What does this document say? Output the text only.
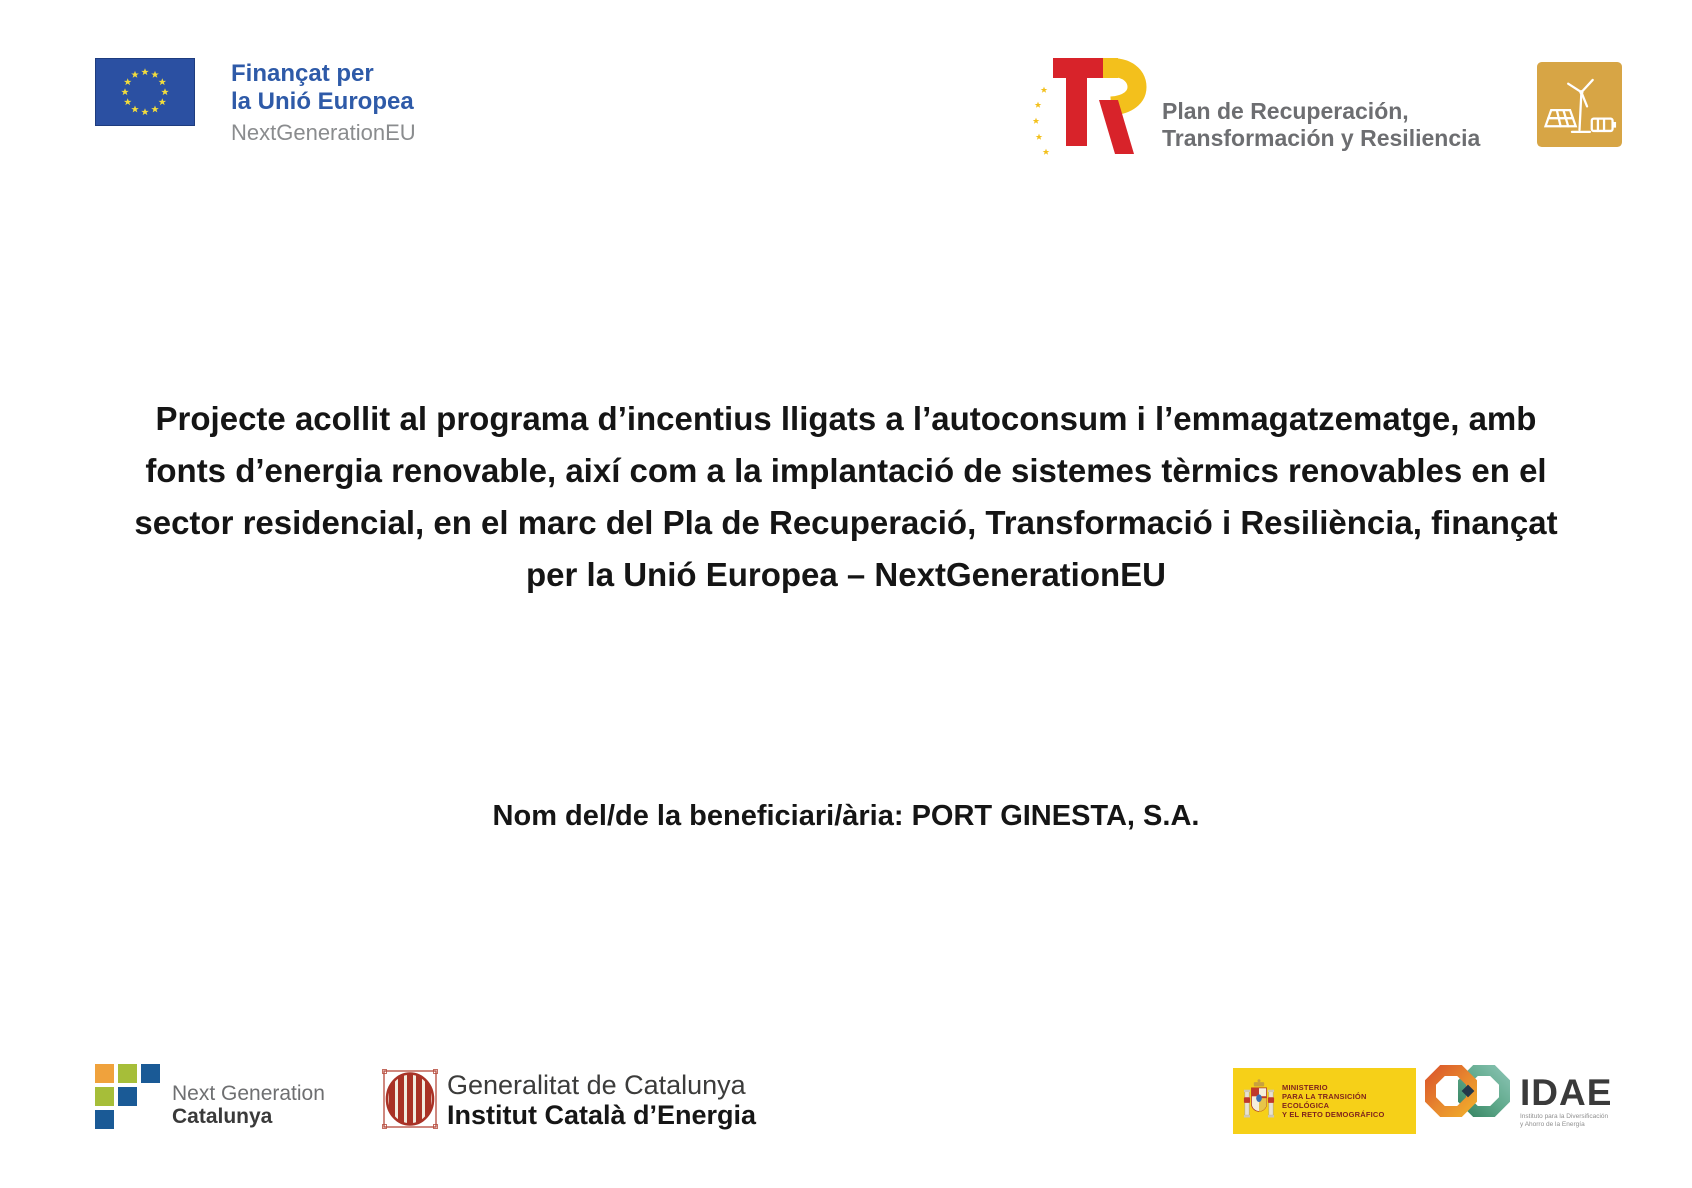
Finançat per
la Unió Europea
NextGenerationEU
Plan de Recuperación,
Transformación y Resiliencia
Projecte acollit al programa d’incentius lligats a l’autoconsum i l’emmagatzematge, amb
fonts d’energia renovable, així com a la implantació de sistemes tèrmics renovables en el
sector residencial, en el marc del Pla de Recuperació, Transformació i Resiliència, finançat
per la Unió Europea – NextGenerationEU
Nom del/de la beneficiari/ària: PORT GINESTA, S.A.
Next Generation
Catalunya
Generalitat de Catalunya
Institut Català d’Energia
MINISTERIO
PARA LA TRANSICIÓN ECOLÓGICA
Y EL RETO DEMOGRÁFICO
IDAE
Instituto para la Diversificación
y Ahorro de la Energía
